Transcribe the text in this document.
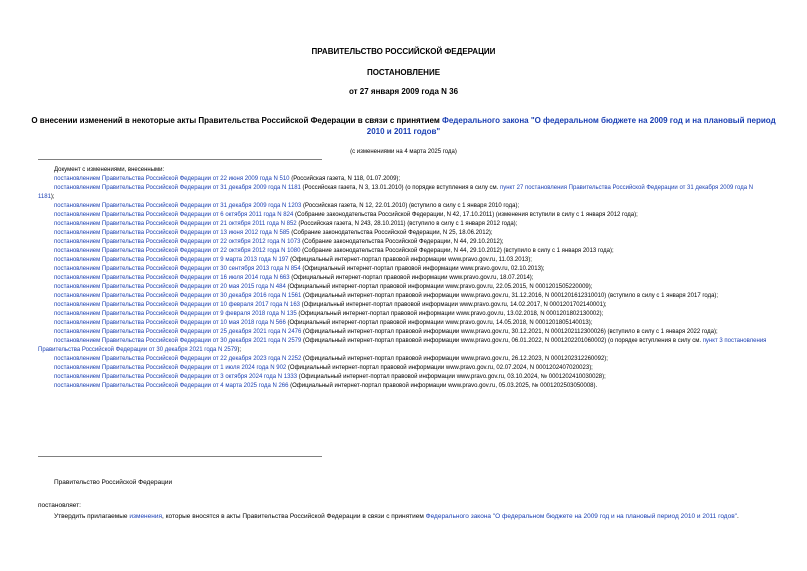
ПРАВИТЕЛЬСТВО РОССИЙСКОЙ ФЕДЕРАЦИИ
ПОСТАНОВЛЕНИЕ
от 27 января 2009 года N 36
О внесении изменений в некоторые акты Правительства Российской Федерации в связи с принятием Федерального закона "О федеральном бюджете на 2009 год и на плановый период 2010 и 2011 годов"
(с изменениями на 4 марта 2025 года)
Документ с изменениями, внесенными:
постановлением Правительства Российской Федерации от 22 июня 2009 года N 510 (Российская газета, N 118, 01.07.2009);
постановлением Правительства Российской Федерации от 31 декабря 2009 года N 1181 (Российская газета, N 3, 13.01.2010) (о порядке вступления в силу см. пункт 27 постановления Правительства Российской Федерации от 31 декабря 2009 года N 1181);
постановлением Правительства Российской Федерации от 31 декабря 2009 года N 1203 (Российская газета, N 12, 22.01.2010) (вступило в силу с 1 января 2010 года);
постановлением Правительства Российской Федерации от 6 октября 2011 года N 824 (Собрание законодательства Российской Федерации, N 42, 17.10.2011) (изменения вступили в силу с 1 января 2012 года);
постановлением Правительства Российской Федерации от 21 октября 2011 года N 852 (Российская газета, N 243, 28.10.2011) (вступило в силу с 1 января 2012 года);
постановлением Правительства Российской Федерации от 13 июня 2012 года N 585 (Собрание законодательства Российской Федерации, N 25, 18.06.2012);
постановлением Правительства Российской Федерации от 22 октября 2012 года N 1073 (Собрание законодательства Российской Федерации, N 44, 29.10.2012);
постановлением Правительства Российской Федерации от 22 октября 2012 года N 1080 (Собрание законодательства Российской Федерации, N 44, 29.10.2012) (вступило в силу с 1 января 2013 года);
постановлением Правительства Российской Федерации от 9 марта 2013 года N 197 (Официальный интернет-портал правовой информации www.pravo.gov.ru, 11.03.2013);
постановлением Правительства Российской Федерации от 30 сентября 2013 года N 854 (Официальный интернет-портал правовой информации www.pravo.gov.ru, 02.10.2013);
постановлением Правительства Российской Федерации от 16 июля 2014 года N 663 (Официальный интернет-портал правовой информации www.pravo.gov.ru, 18.07.2014);
постановлением Правительства Российской Федерации от 20 мая 2015 года N 484 (Официальный интернет-портал правовой информации www.pravo.gov.ru, 22.05.2015, N 0001201505220009);
постановлением Правительства Российской Федерации от 30 декабря 2016 года N 1561 (Официальный интернет-портал правовой информации www.pravo.gov.ru, 31.12.2016, N 0001201612310010) (вступило в силу с 1 января 2017 года);
постановлением Правительства Российской Федерации от 10 февраля 2017 года N 163 (Официальный интернет-портал правовой информации www.pravo.gov.ru, 14.02.2017, N 0001201702140001);
постановлением Правительства Российской Федерации от 9 февраля 2018 года N 135 (Официальный интернет-портал правовой информации www.pravo.gov.ru, 13.02.2018, N 0001201802130002);
постановлением Правительства Российской Федерации от 10 мая 2018 года N 566 (Официальный интернет-портал правовой информации www.pravo.gov.ru, 14.05.2018, N 0001201805140013);
постановлением Правительства Российской Федерации от 25 декабря 2021 года N 2476 (Официальный интернет-портал правовой информации www.pravo.gov.ru, 30.12.2021, N 0001202112300026) (вступило в силу с 1 января 2022 года);
постановлением Правительства Российской Федерации от 30 декабря 2021 года N 2579 (Официальный интернет-портал правовой информации www.pravo.gov.ru, 06.01.2022, N 0001202201060002) (о порядке вступления в силу см. пункт 3 постановления Правительства Российской Федерации от 30 декабря 2021 года N 2579);
постановлением Правительства Российской Федерации от 22 декабря 2023 года N 2252 (Официальный интернет-портал правовой информации www.pravo.gov.ru, 26.12.2023, N 0001202312260092);
постановлением Правительства Российской Федерации от 1 июля 2024 года N 902 (Официальный интернет-портал правовой информации www.pravo.gov.ru, 02.07.2024, N 0001202407020023);
постановлением Правительства Российской Федерации от 3 октября 2024 года N 1333 (Официальный интернет-портал правовой информации www.pravo.gov.ru, 03.10.2024, № 0001202410030028);
постановлением Правительства Российской Федерации от 4 марта 2025 года N 266 (Официальный интернет-портал правовой информации www.pravo.gov.ru, 05.03.2025, № 0001202503050008).
Правительство Российской Федерации
постановляет:
Утвердить прилагаемые изменения, которые вносятся в акты Правительства Российской Федерации в связи с принятием Федерального закона "О федеральном бюджете на 2009 год и на плановый период 2010 и 2011 годов".
